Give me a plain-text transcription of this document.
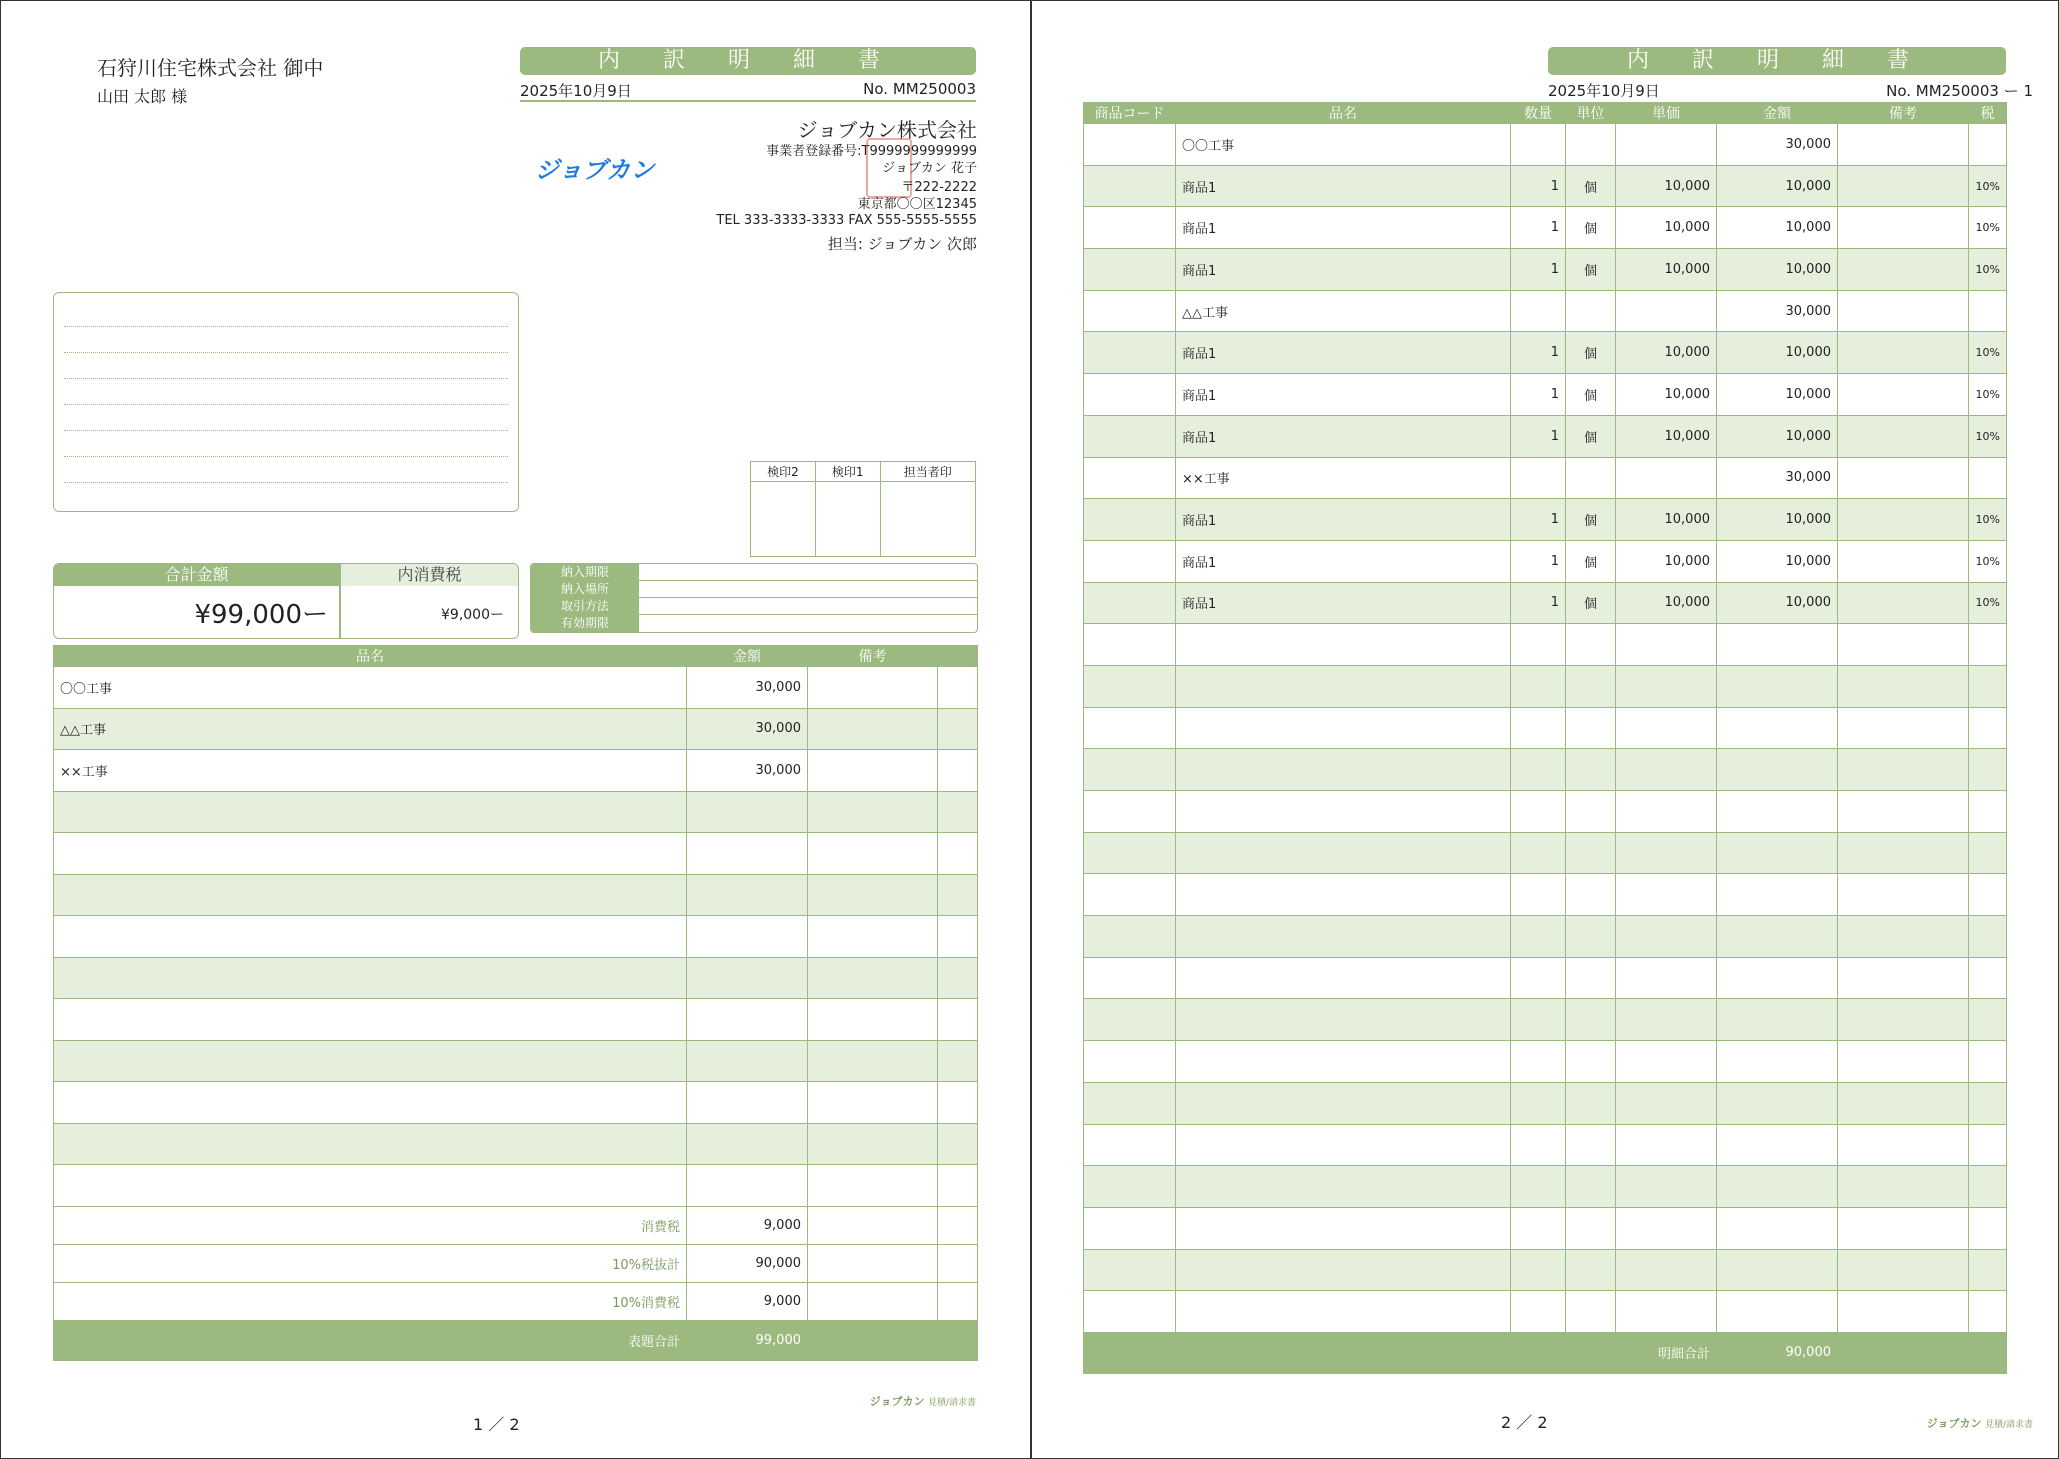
石狩川住宅株式会社 御中
山田 太郎 様
内 訳 明 細 書
2025年10月9日	No. MM250003
ジョブカン
ジョブカン株式会社
事業者登録番号:T9999999999999
ジョブカン 花子
〒222-2222
東京都〇〇区12345
TEL 333-3333-3333 FAX 555-5555-5555
担当: ジョブカン 次郎
検印2	検印1	担当者印

合計金額	内消費税
¥99,000ー	¥9,000ー
納入期限
納入場所
取引方法
有効期限
品名	金額	備考	
〇〇工事	30,000		
△△工事	30,000		
××工事	30,000		

消費税	9,000		
10%税抜計	90,000		
10%消費税	9,000		
表題合計	99,000		
ジョブカン 見積/請求書
1 ／ 2
内 訳 明 細 書
2025年10月9日	No. MM250003 ー 1
商品コード	品名	数量	単位	単価	金額	備考	税
	〇〇工事				30,000		
	商品1	1	個	10,000	10,000		10%
	商品1	1	個	10,000	10,000		10%
	商品1	1	個	10,000	10,000		10%
	△△工事				30,000		
	商品1	1	個	10,000	10,000		10%
	商品1	1	個	10,000	10,000		10%
	商品1	1	個	10,000	10,000		10%
	××工事				30,000		
	商品1	1	個	10,000	10,000		10%
	商品1	1	個	10,000	10,000		10%
	商品1	1	個	10,000	10,000		10%

				明細合計	90,000		
ジョブカン 見積/請求書
2 ／ 2
